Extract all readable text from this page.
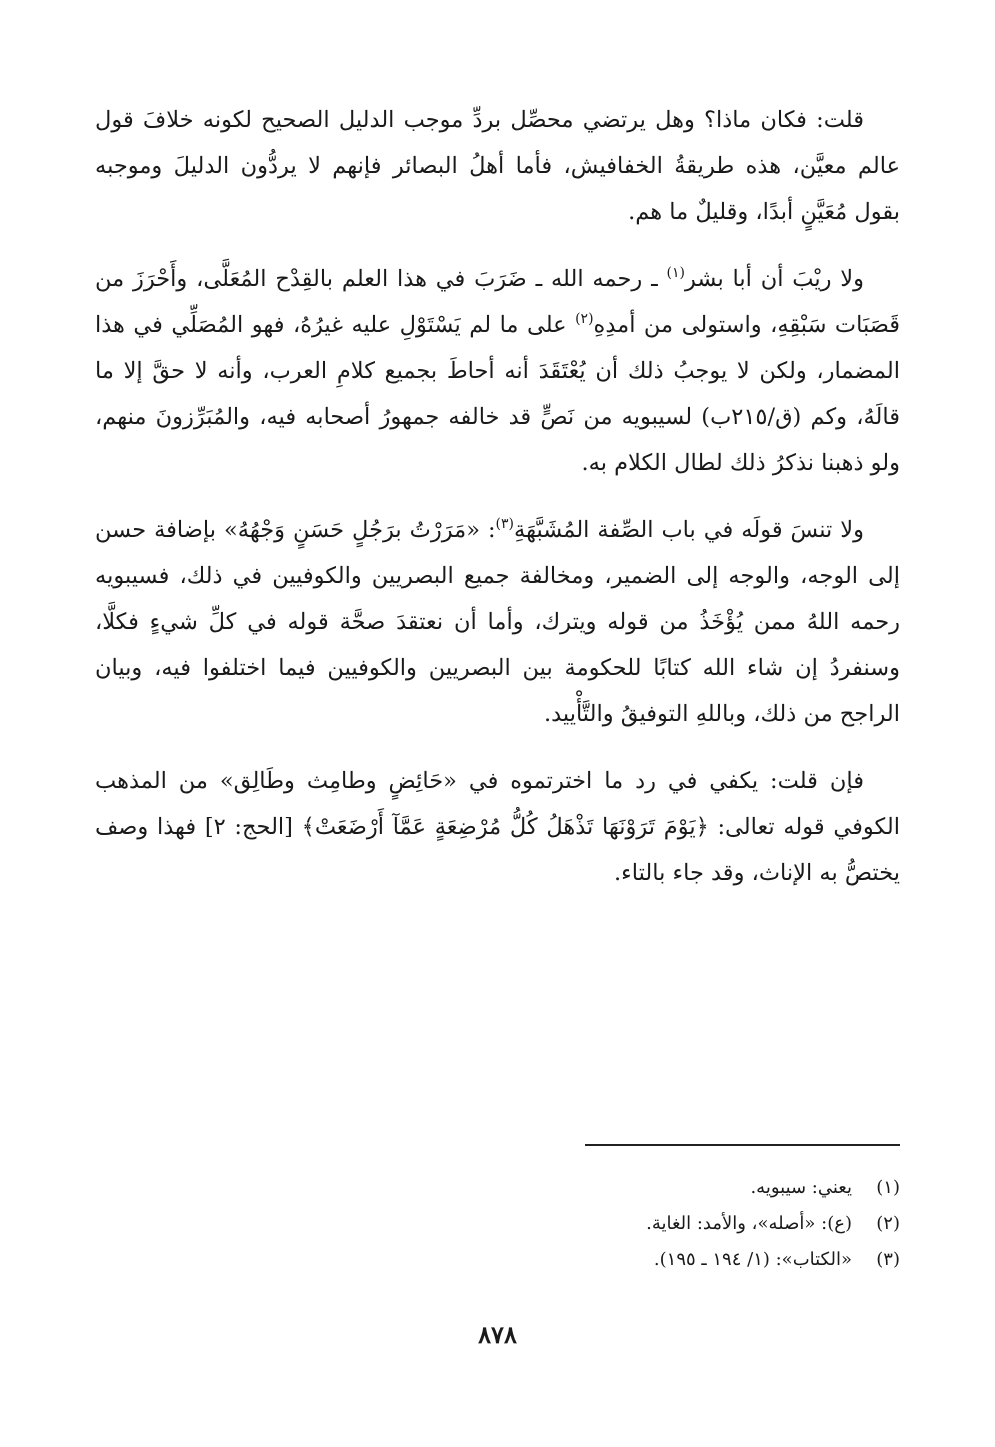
قلت: فكان ماذا؟ وهل يرتضي محصِّل بردِّ موجب الدليل الصحيح لكونه خلافَ قول عالم معيَّن، هذه طريقةُ الخفافيش، فأما أهلُ البصائر فإنهم لا يردُّون الدليلَ وموجبه بقول مُعَيَّنٍ أبدًا، وقليلٌ ما هم.

ولا ريْبَ أن أبا بشر$^{(١)}$ ـ رحمه الله ـ ضَرَبَ في هذا العلم بالقِدْح المُعَلَّى، وأَحْرَزَ من قَصَبَات سَبْقِهِ، واستولى من أمدِهِ$^{(٢)}$ على ما لم يَسْتَوْلِ عليه غيرُهُ، فهو المُصَلِّي في هذا المضمار، ولكن لا يوجبُ ذلك أن يُعْتَقَدَ أنه أحاطَ بجميع كلامِ العرب، وأنه لا حقَّ إلا ما قالَهُ، وكم (ق/٢١٥ب) لسيبويه من نَصٍّ قد خالفه جمهورُ أصحابه فيه، والمُبَرِّزونَ منهم، ولو ذهبنا نذكرُ ذلك لطال الكلام به.

ولا تنسَ قولَه في باب الصِّفة المُشَبَّهَةِ$^{(٣)}$: «مَرَرْتُ برَجُلٍ حَسَنٍ وَجْهُهُ» بإضافة حسن إلى الوجه، والوجه إلى الضمير، ومخالفة جميع البصريين والكوفيين في ذلك، فسيبويه رحمه اللهُ ممن يُؤْخَذُ من قوله ويترك، وأما أن نعتقدَ صحَّة قوله في كلِّ شيءٍ فكلَّا، وسنفردُ إن شاء الله كتابًا للحكومة بين البصريين والكوفيين فيما اختلفوا فيه، وبيان الراجح من ذلك، وباللهِ التوفيقُ والتَّأْييد.

فإن قلت: يكفي في رد ما اخترتموه في «حَائِضٍ وطامِث وطَالِق» من المذهب الكوفي قوله تعالى: ﴿يَوْمَ تَرَوْنَهَا تَذْهَلُ كُلُّ مُرْضِعَةٍ عَمَّآ أَرْضَعَتْ﴾ [الحج: ٢] فهذا وصف يختصُّ به الإناث، وقد جاء بالتاء.

(١)يعني: سيبويه.

(٢)(ع): «أصله»، والأمد: الغاية.

(٣)«الكتاب»: (١/ ١٩٤ ـ ١٩٥).

٨٧٨
